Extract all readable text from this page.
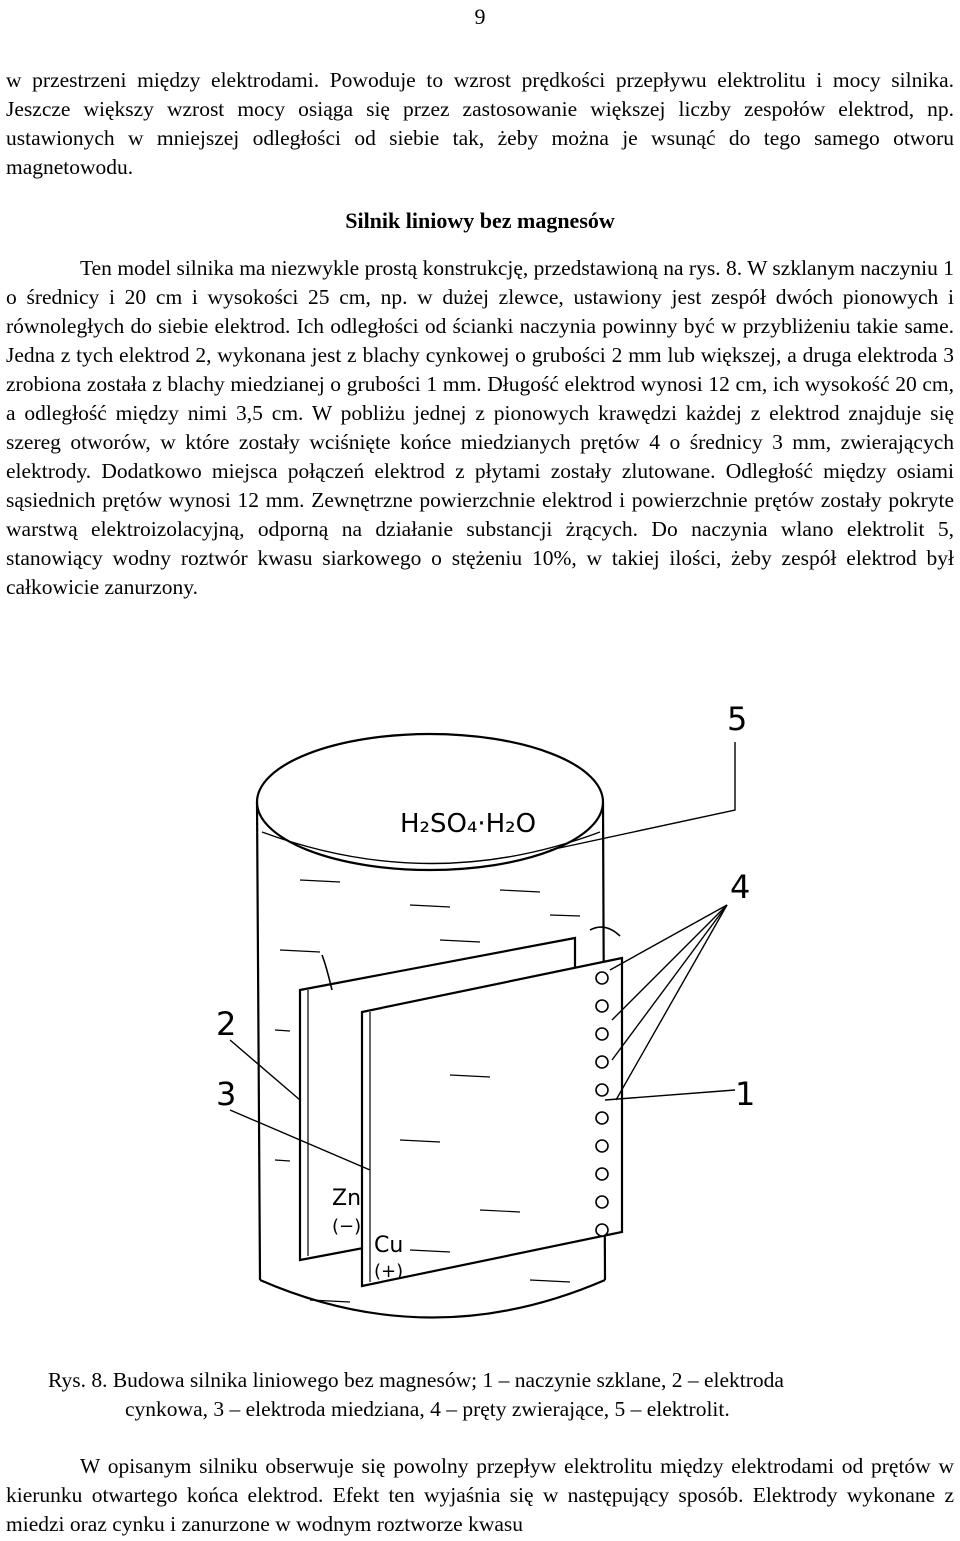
9

w przestrzeni między elektrodami. Powoduje to wzrost prędkości przepływu elektrolitu i mocy silnika. Jeszcze większy wzrost mocy osiąga się przez zastosowanie większej liczby zespołów elektrod, np. ustawionych w mniejszej odległości od siebie tak, żeby można je wsunąć do tego samego otworu magnetowodu.

Silnik liniowy bez magnesów

Ten model silnika ma niezwykle prostą konstrukcję, przedstawioną na rys. 8. W szklanym naczyniu 1 o średnicy i 20 cm i wysokości 25 cm, np. w dużej zlewce, ustawiony jest zespół dwóch pionowych i równoległych do siebie elektrod. Ich odległości od ścianki naczynia powinny być w przybliżeniu takie same. Jedna z tych elektrod 2, wykonana jest z blachy cynkowej o grubości 2 mm lub większej, a druga elektroda 3 zrobiona została z blachy miedzianej o grubości 1 mm. Długość elektrod wynosi 12 cm, ich wysokość 20 cm, a odległość między nimi 3,5 cm. W pobliżu jednej z pionowych krawędzi każdej z elektrod znajduje się szereg otworów, w które zostały wciśnięte końce miedzianych prętów 4 o średnicy 3 mm, zwierających elektrody. Dodatkowo miejsca połączeń elektrod z płytami zostały zlutowane. Odległość między osiami sąsiednich prętów wynosi 12 mm. Zewnętrzne powierzchnie elektrod i powierzchnie prętów zostały pokryte warstwą elektroizolacyjną, odporną na działanie substancji żrących. Do naczynia wlano elektrolit 5, stanowiący wodny roztwór kwasu siarkowego o stężeniu 10%, w takiej ilości, żeby zespół elektrod był całkowicie zanurzony.

H₂SO₄·H₂O
5
4
1
2
3
Zn
(−)
Cu
(+)
Rys. 8. Budowa silnika liniowego bez magnesów; 1 – naczynie szklane, 2 – elektroda
cynkowa, 3 – elektroda miedziana, 4 – pręty zwierające, 5 – elektrolit.

W opisanym silniku obserwuje się powolny przepływ elektrolitu między elektrodami od prętów w kierunku otwartego końca elektrod. Efekt ten wyjaśnia się w następujący sposób. Elektrody wykonane z miedzi oraz cynku i zanurzone w wodnym roztworze kwasu
